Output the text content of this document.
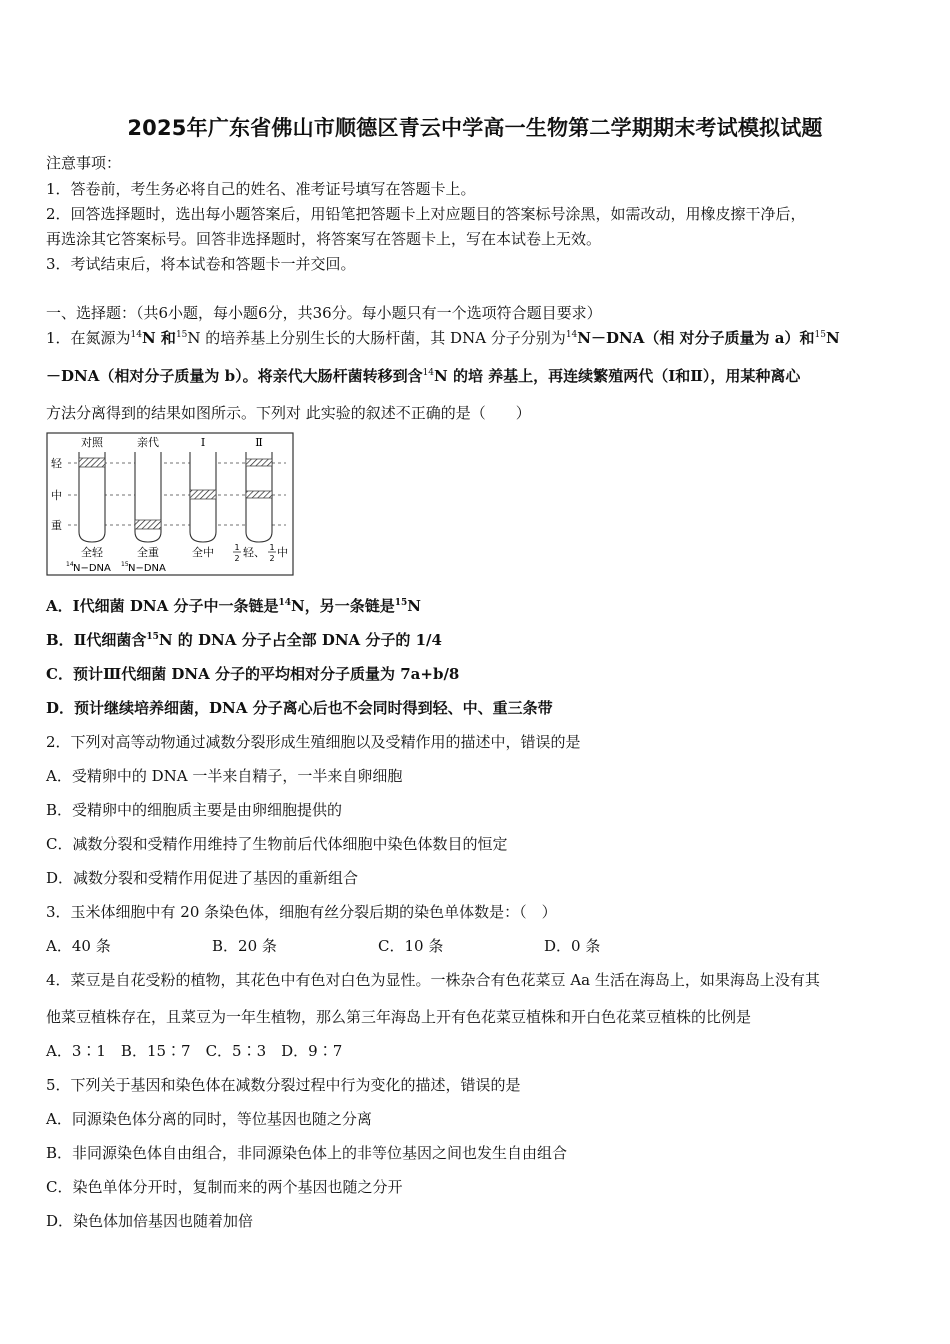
2025年广东省佛山市顺德区青云中学高一生物第二学期期末考试模拟试题
注意事项：
1．答卷前，考生务必将自己的姓名、准考证号填写在答题卡上。
2．回答选择题时，选出每小题答案后，用铅笔把答题卡上对应题目的答案标号涂黑，如需改动，用橡皮擦干净后，
再选涂其它答案标号。回答非选择题时，将答案写在答题卡上，写在本试卷上无效。
3．考试结束后，将本试卷和答题卡一并交回。
一、选择题：（共6小题，每小题6分，共36分。每小题只有一个选项符合题目要求）
1．在氮源为$^{14}$N 和$^{15}$N 的培养基上分别生长的大肠杆菌，其 DNA 分子分别为$^{14}$N－DNA（相 对分子质量为 a）和$^{15}$N
－DNA（相对分子质量为 b）。将亲代大肠杆菌转移到含$^{14}$N 的培 养基上，再连续繁殖两代（Ⅰ和Ⅱ），用某种离心
方法分离得到的结果如图所示。下列对 此实验的叙述不正确的是（　　）
轻
中
重
对照	亲代	Ⅰ	Ⅱ
全轻	全重	全中	1
2 轻、 1
2 中
14 N−DNA 15 N−DNA
A．Ⅰ代细菌 DNA 分子中一条链是$^{14}$N，另一条链是$^{15}$N
B．Ⅱ代细菌含$^{15}$N 的 DNA 分子占全部 DNA 分子的 1/4
C．预计Ⅲ代细菌 DNA 分子的平均相对分子质量为 7a+b/8
D．预计继续培养细菌，DNA 分子离心后也不会同时得到轻、中、重三条带
2．下列对高等动物通过减数分裂形成生殖细胞以及受精作用的描述中，错误的是
A．受精卵中的 DNA 一半来自精子，一半来自卵细胞
B．受精卵中的细胞质主要是由卵细胞提供的
C．减数分裂和受精作用维持了生物前后代体细胞中染色体数目的恒定
D．减数分裂和受精作用促进了基因的重新组合
3．玉米体细胞中有 20 条染色体，细胞有丝分裂后期的染色单体数是：（　）
A．40 条	B．20 条	C．10 条	D．0 条
4．菜豆是自花受粉的植物，其花色中有色对白色为显性。一株杂合有色花菜豆 Aa 生活在海岛上，如果海岛上没有其
他菜豆植株存在，且菜豆为一年生植物，那么第三年海岛上开有色花菜豆植株和开白色花菜豆植株的比例是
A．3∶1　B．15∶7　C．5∶3　D．9∶7
5．下列关于基因和染色体在减数分裂过程中行为变化的描述，错误的是
A．同源染色体分离的同时，等位基因也随之分离
B．非同源染色体自由组合，非同源染色体上的非等位基因之间也发生自由组合
C．染色单体分开时，复制而来的两个基因也随之分开
D．染色体加倍基因也随着加倍
